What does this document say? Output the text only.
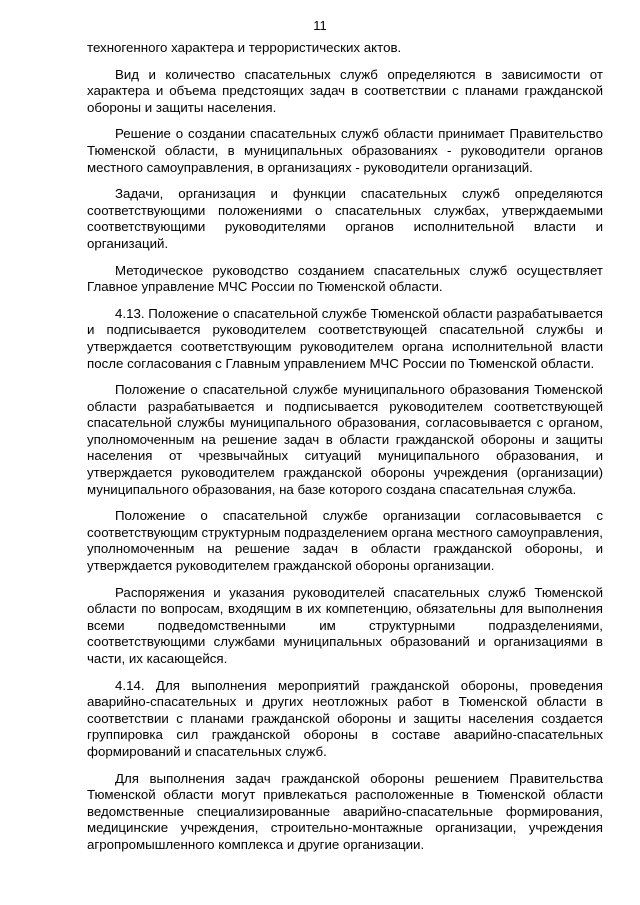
11

техногенного характера и террористических актов.

Вид и количество спасательных служб определяются в зависимости от характера и объема предстоящих задач в соответствии с планами гражданской обороны и защиты населения.

Решение о создании спасательных служб области принимает Правительство Тюменской области, в муниципальных образованиях - руководители органов местного самоуправления, в организациях - руководители организаций.

Задачи, организация и функции спасательных служб определяются соответствующими положениями о спасательных службах, утверждаемыми соответствующими руководителями органов исполнительной власти и организаций.

Методическое руководство созданием спасательных служб осуществляет Главное управление МЧС России по Тюменской области.

4.13. Положение о спасательной службе Тюменской области разрабатывается и подписывается руководителем соответствующей спасательной службы и утверждается соответствующим руководителем органа исполнительной власти после согласования с Главным управлением МЧС России по Тюменской области.

Положение о спасательной службе муниципального образования Тюменской области разрабатывается и подписывается руководителем соответствующей спасательной службы муниципального образования, согласовывается с органом, уполномоченным на решение задач в области гражданской обороны и защиты населения от чрезвычайных ситуаций муниципального образования, и утверждается руководителем гражданской обороны учреждения (организации) муниципального образования, на базе которого создана спасательная служба.

Положение о спасательной службе организации согласовывается с соответствующим структурным подразделением органа местного самоуправления, уполномоченным на решение задач в области гражданской обороны, и утверждается руководителем гражданской обороны организации.

Распоряжения и указания руководителей спасательных служб Тюменской области по вопросам, входящим в их компетенцию, обязательны для выполнения всеми подведомственными им структурными подразделениями, соответствующими службами муниципальных образований и организациями в части, их касающейся.

4.14. Для выполнения мероприятий гражданской обороны, проведения аварийно-спасательных и других неотложных работ в Тюменской области в соответствии с планами гражданской обороны и защиты населения создается группировка сил гражданской обороны в составе аварийно-спасательных формирований и спасательных служб.

Для выполнения задач гражданской обороны решением Правительства Тюменской области могут привлекаться расположенные в Тюменской области ведомственные специализированные аварийно-спасательные формирования, медицинские учреждения, строительно-монтажные организации, учреждения агропромышленного комплекса и другие организации.
